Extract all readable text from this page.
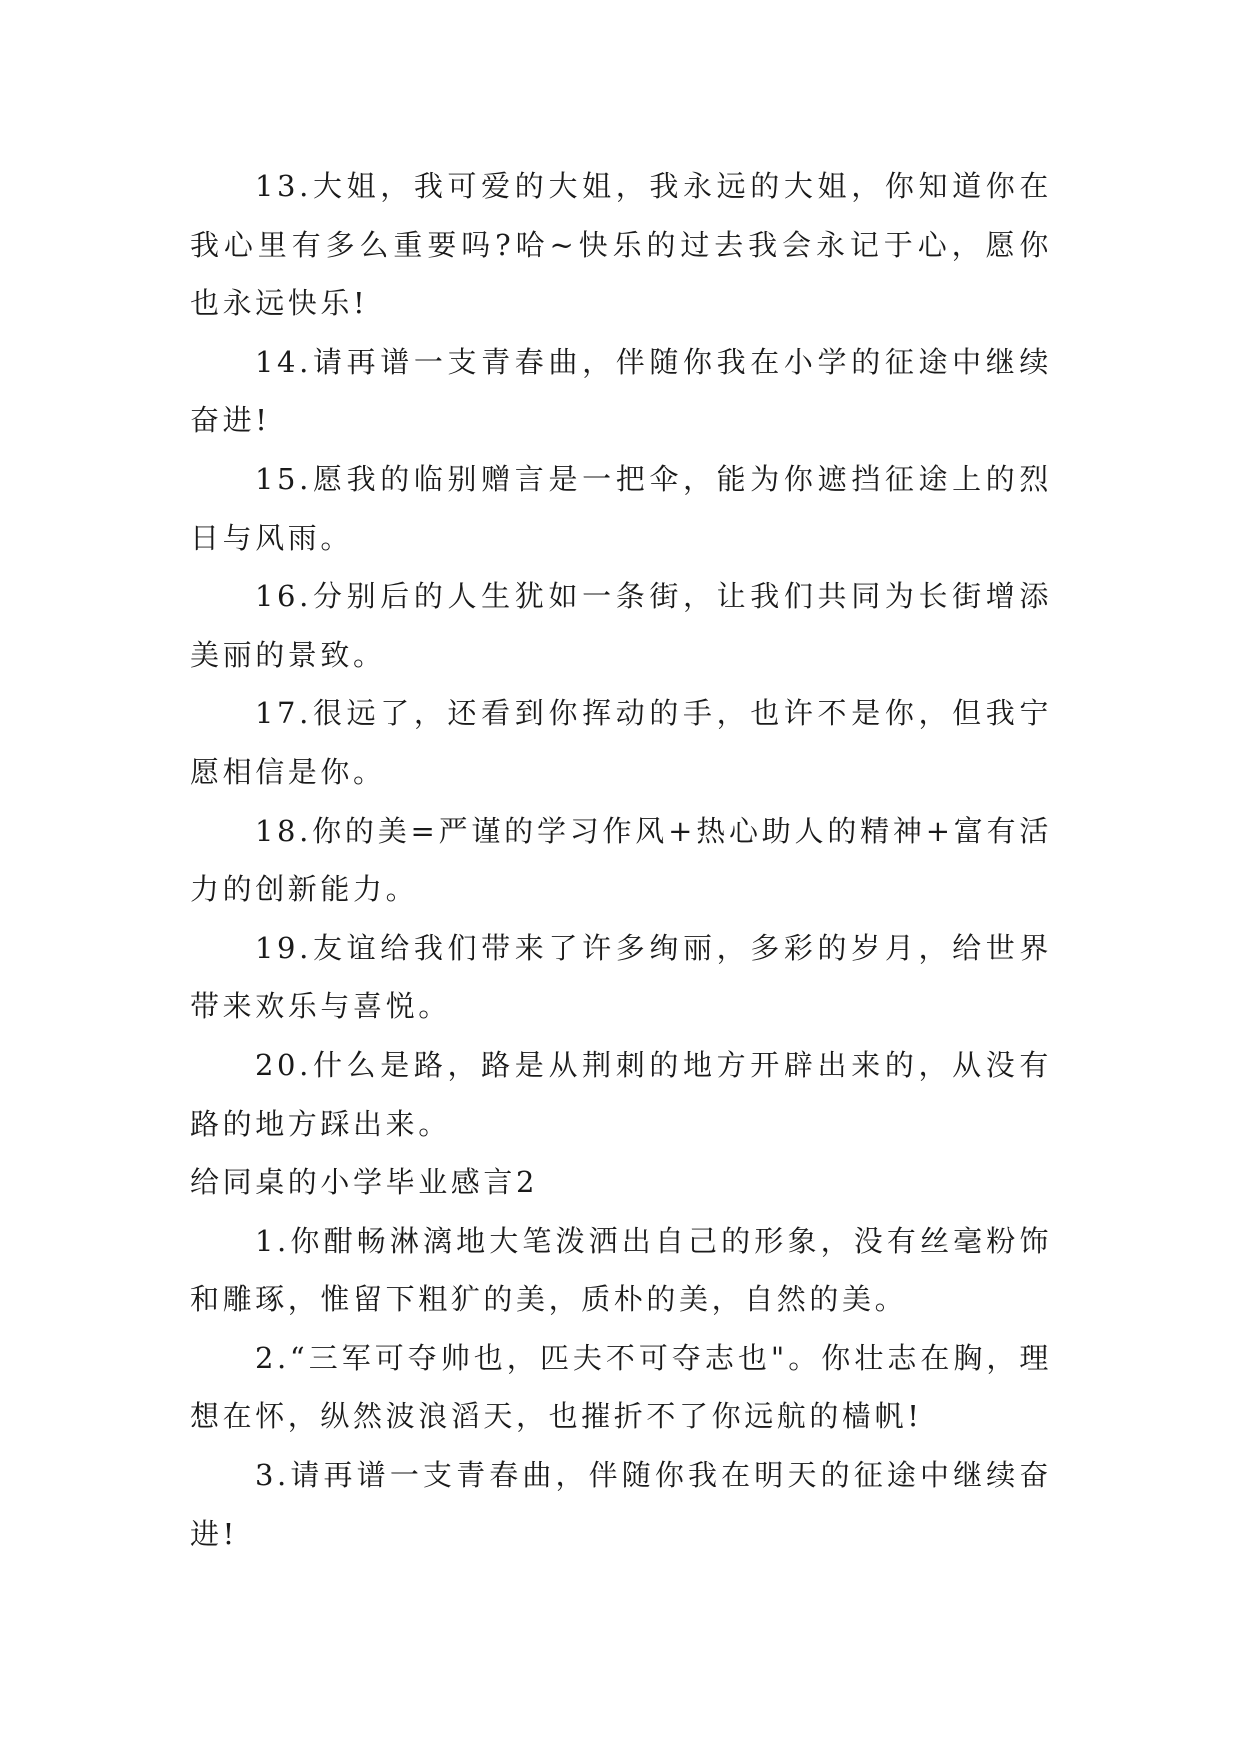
13.大姐，我可爱的大姐，我永远的大姐，你知道你在我心里有多么重要吗?哈~快乐的过去我会永记于心，愿你也永远快乐!

14.请再谱一支青春曲，伴随你我在小学的征途中继续奋进!

15.愿我的临别赠言是一把伞，能为你遮挡征途上的烈日与风雨。

16.分别后的人生犹如一条街，让我们共同为长街增添美丽的景致。

17.很远了，还看到你挥动的手，也许不是你，但我宁愿相信是你。

18.你的美=严谨的学习作风+热心助人的精神+富有活力的创新能力。

19.友谊给我们带来了许多绚丽，多彩的岁月，给世界带来欢乐与喜悦。

20.什么是路，路是从荆刺的地方开辟出来的，从没有路的地方踩出来。

给同桌的小学毕业感言2

1.你酣畅淋漓地大笔泼洒出自己的形象，没有丝毫粉饰和雕琢，惟留下粗犷的美，质朴的美，自然的美。

2.“三军可夺帅也，匹夫不可夺志也"。你壮志在胸，理想在怀，纵然波浪滔天，也摧折不了你远航的樯帆!

3.请再谱一支青春曲，伴随你我在明天的征途中继续奋进!
